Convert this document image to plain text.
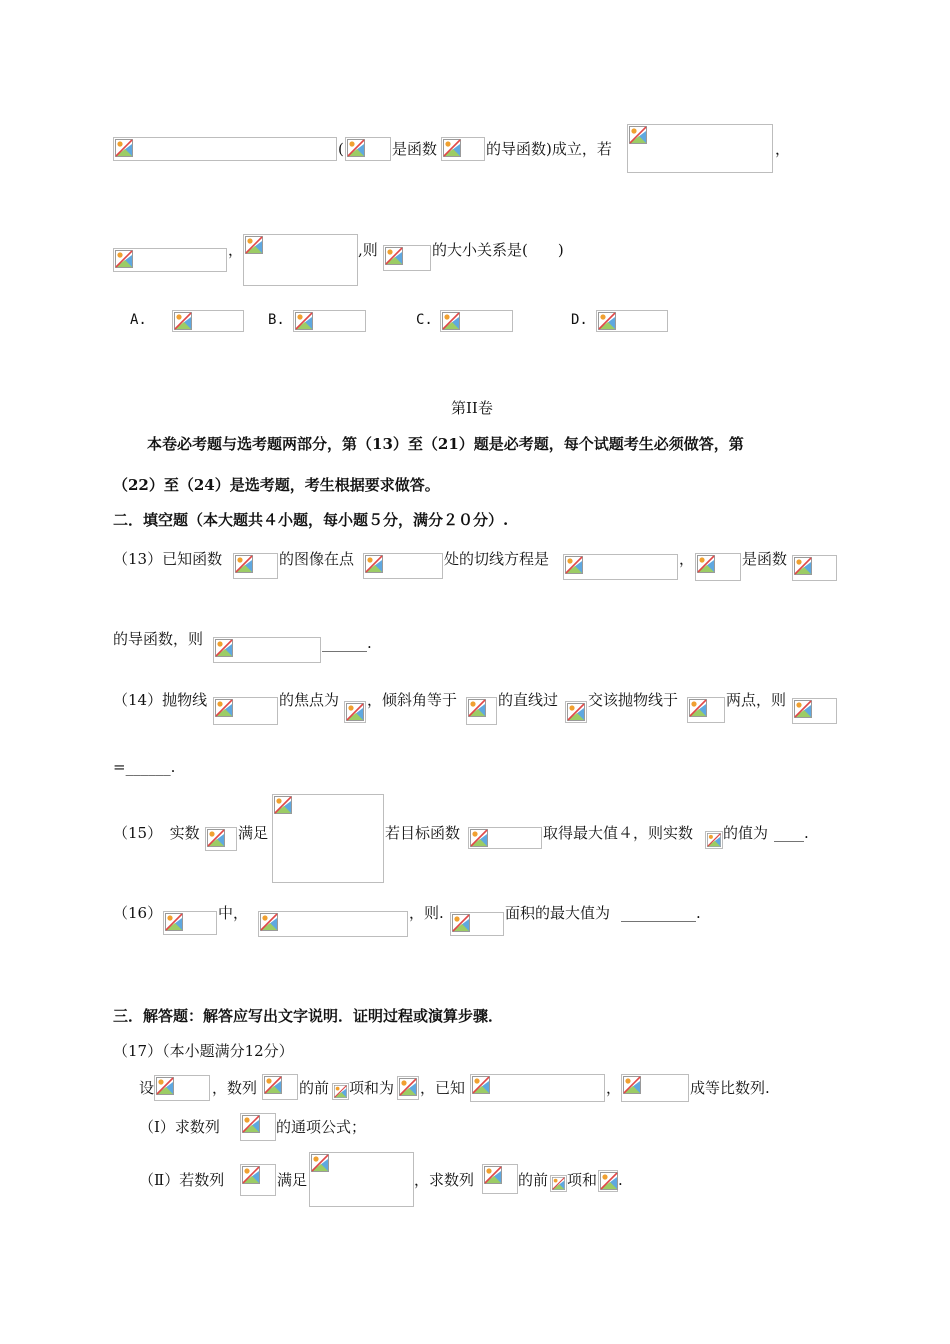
(	是函数	的导函数)成立，若	，
，	,则	的大小关系是(　　)
A.	B.	C.	D.
第II卷
本卷必考题与选考题两部分，第（13）至（21）题是必考题，每个试题考生必须做答，第
（22）至（24）是选考题，考生根据要求做答。
二．填空题（本大题共４小题，每小题５分，满分２０分）.
（13）已知函数	的图像在点	处的切线方程是	，	是函数
的导函数，则	______.
（14）抛物线	的焦点为 ，倾斜角等于	的直线过 交该抛物线于	两点，则
=______.
（15）　实数	满足	若目标函数	取得最大值４，则实数 的值为 ____.
（16）	中，	，则.	面积的最大值为 __________.
三．解答题：解答应写出文字说明．证明过程或演算步骤．
（17）（本小题满分12分）
设	，数列	的前 项和为 ，已知	，	成等比数列.
（Ⅰ）求数列	的通项公式；
（Ⅱ）若数列	满足	，求数列	的前 项和 .
